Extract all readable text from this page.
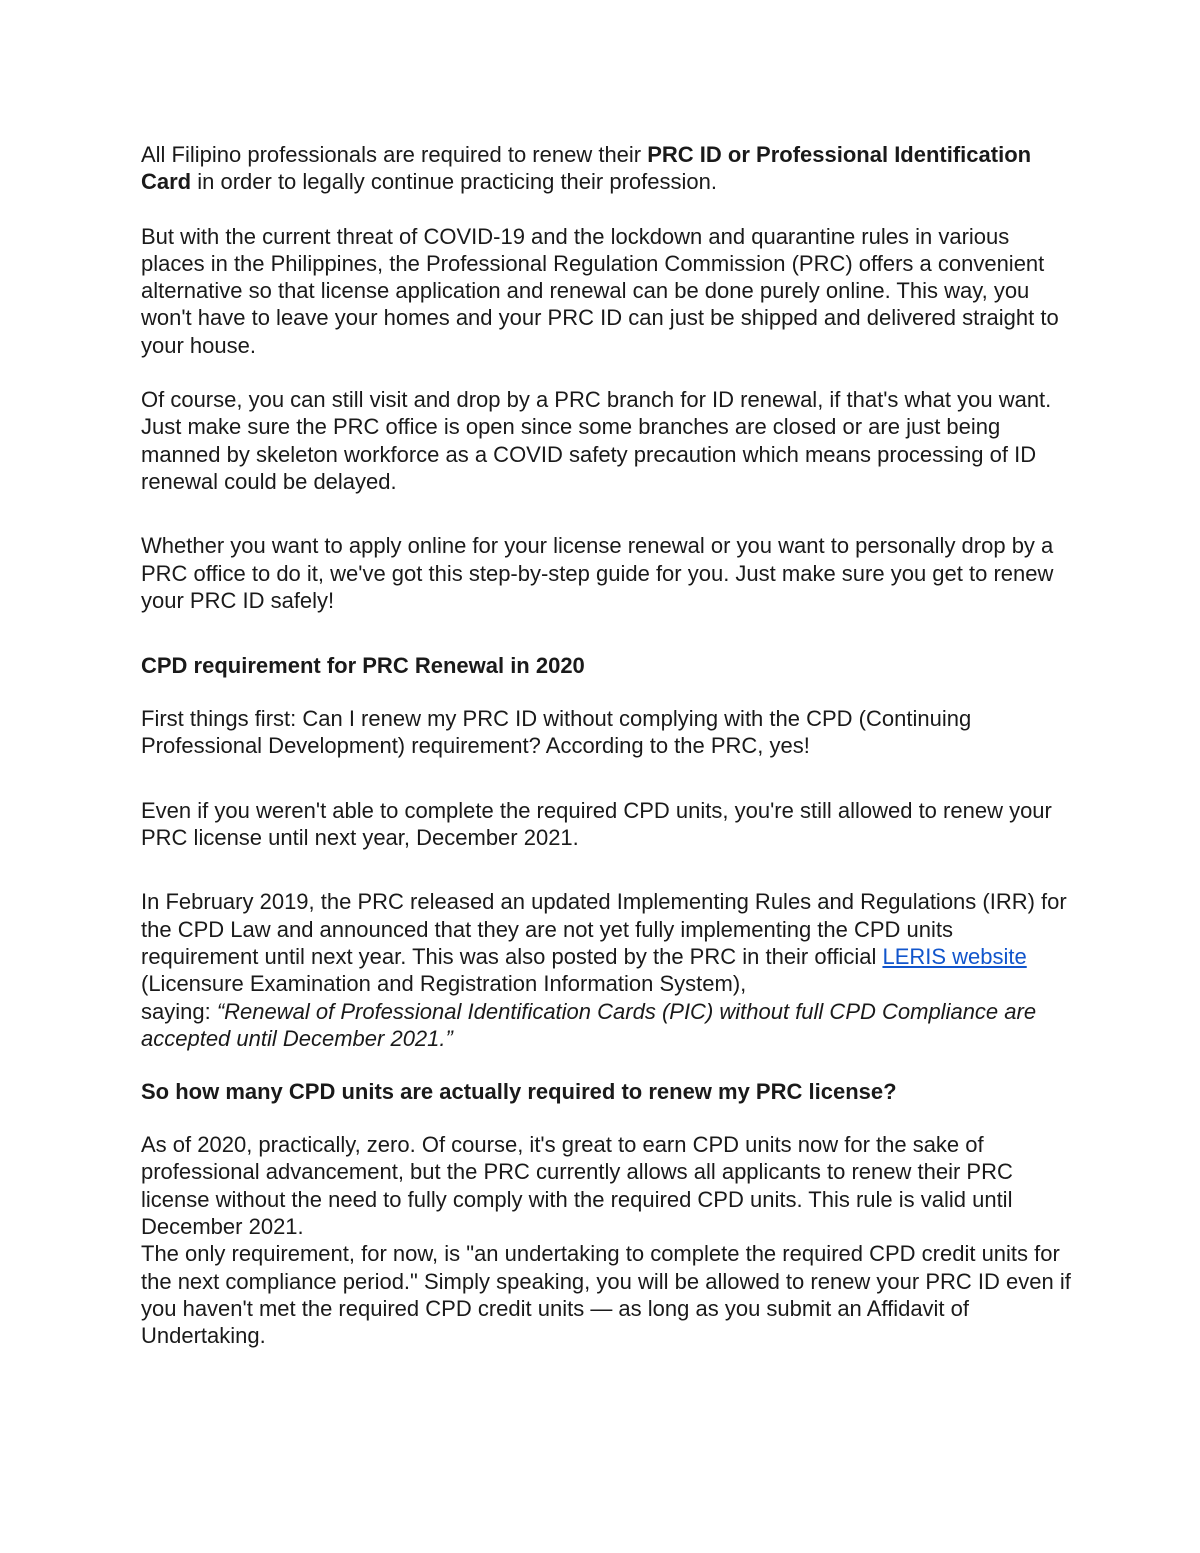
All Filipino professionals are required to renew their PRC ID or Professional Identification Card in order to legally continue practicing their profession.

But with the current threat of COVID-19 and the lockdown and quarantine rules in various places in the Philippines, the Professional Regulation Commission (PRC) offers a convenient alternative so that license application and renewal can be done purely online. This way, you won't have to leave your homes and your PRC ID can just be shipped and delivered straight to your house.

Of course, you can still visit and drop by a PRC branch for ID renewal, if that's what you want. Just make sure the PRC office is open since some branches are closed or are just being manned by skeleton workforce as a COVID safety precaution which means processing of ID renewal could be delayed.

Whether you want to apply online for your license renewal or you want to personally drop by a PRC office to do it, we've got this step-by-step guide for you. Just make sure you get to renew your PRC ID safely!

CPD requirement for PRC Renewal in 2020

First things first: Can I renew my PRC ID without complying with the CPD (Continuing Professional Development) requirement? According to the PRC, yes!

Even if you weren't able to complete the required CPD units, you're still allowed to renew your PRC license until next year, December 2021.

In February 2019, the PRC released an updated Implementing Rules and Regulations (IRR) for the CPD Law and announced that they are not yet fully implementing the CPD units requirement until next year. This was also posted by the PRC in their official LERIS website (Licensure Examination and Registration Information System),
saying: “Renewal of Professional Identification Cards (PIC) without full CPD Compliance are accepted until December 2021.”

So how many CPD units are actually required to renew my PRC license?

As of 2020, practically, zero. Of course, it's great to earn CPD units now for the sake of professional advancement, but the PRC currently allows all applicants to renew their PRC license without the need to fully comply with the required CPD units. This rule is valid until December 2021.

The only requirement, for now, is "an undertaking to complete the required CPD credit units for the next compliance period." Simply speaking, you will be allowed to renew your PRC ID even if you haven't met the required CPD credit units — as long as you submit an Affidavit of Undertaking.
